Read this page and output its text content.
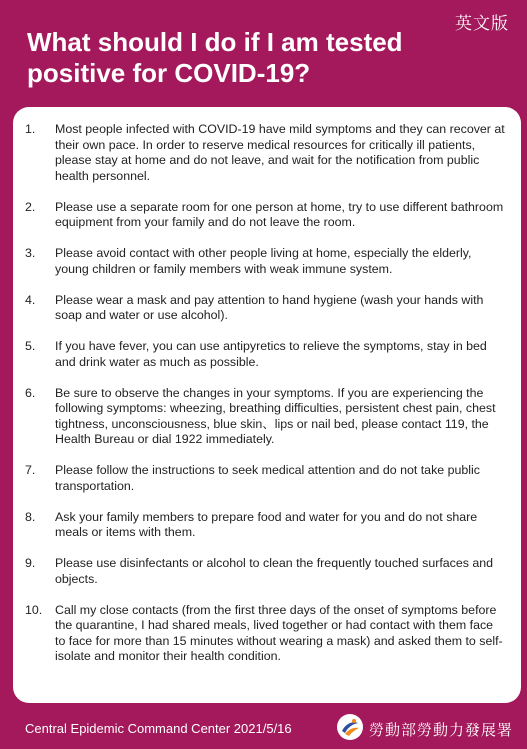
英文版
What should I do if I am tested positive for COVID-19?
1.	Most people infected with COVID-19 have mild symptoms and they can recover at their own pace. In order to reserve medical resources for critically ill patients, please stay at home and do not leave, and wait for the notification from public health personnel.
2.	Please use a separate room for one person at home, try to use different bathroom equipment from your family and do not leave the room.
3.	Please avoid contact with other people living at home, especially the elderly, young children or family members with weak immune system.
4.	Please wear a mask and pay attention to hand hygiene (wash your hands with soap and water or use alcohol).
5.	If you have fever, you can use antipyretics to relieve the symptoms, stay in bed and drink water as much as possible.
6.	Be sure to observe the changes in your symptoms. If you are experiencing the following symptoms: wheezing, breathing difficulties, persistent chest pain, chest tightness, unconsciousness, blue skin、lips or nail bed, please contact 119, the Health Bureau or dial 1922 immediately.
7.	Please follow the instructions to seek medical attention and do not take public transportation.
8.	Ask your family members to prepare food and water for you and do not share meals or items with them.
9.	Please use disinfectants or alcohol to clean the frequently touched surfaces and objects.
10.	Call my close contacts (from the first three days of the onset of symptoms before the quarantine, I had shared meals, lived together or had contact with them face to face for more than 15 minutes without wearing a mask) and asked them to self-isolate and monitor their health condition.
Central Epidemic Command Center 2021/5/16	勞動部勞動力發展署
